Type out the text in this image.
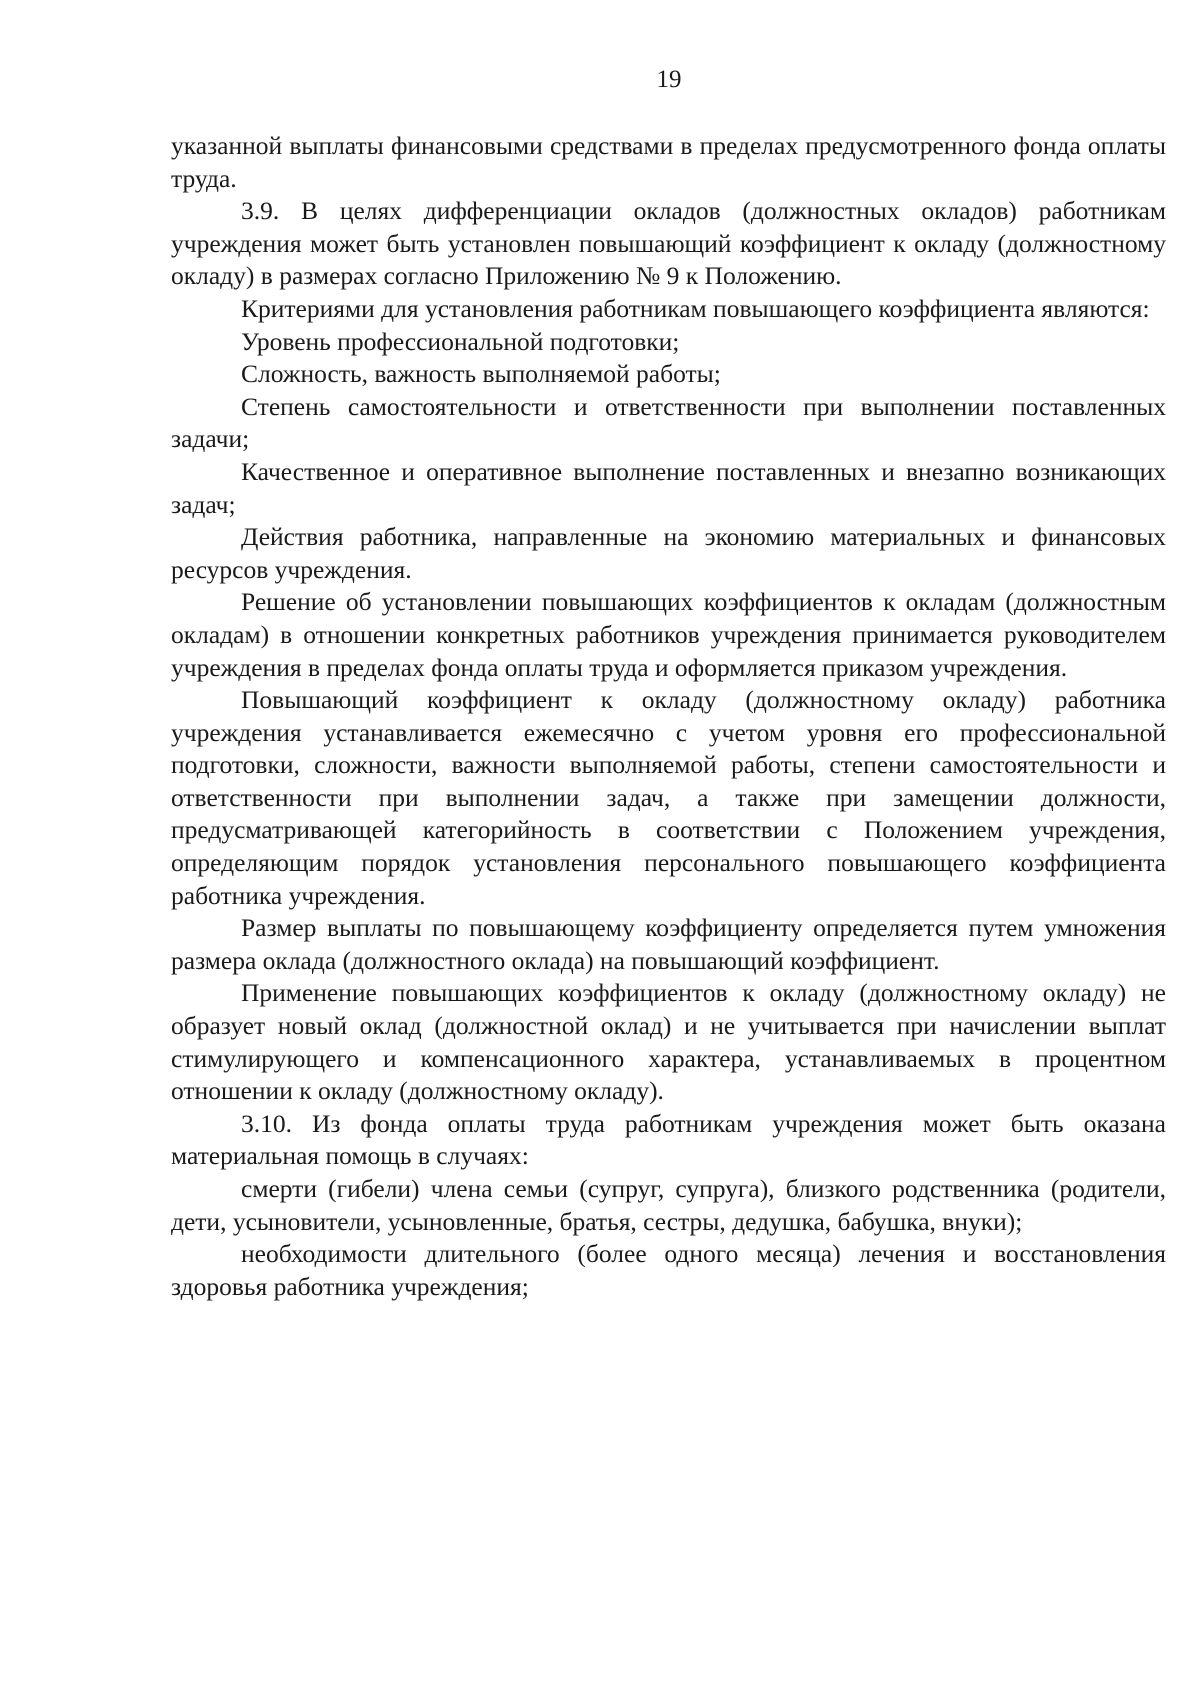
19

указанной выплаты финансовыми средствами в пределах предусмотренного фонда оплаты труда.

3.9. В целях дифференциации окладов (должностных окладов) работникам учреждения может быть установлен повышающий коэффициент к окладу (должностному окладу) в размерах согласно Приложению № 9 к Положению.

Критериями для установления работникам повышающего коэффициента являются:

Уровень профессиональной подготовки;

Сложность, важность выполняемой работы;

Степень самостоятельности и ответственности при выполнении поставленных задачи;

Качественное и оперативное выполнение поставленных и внезапно возникающих задач;

Действия работника, направленные на экономию материальных и финансовых ресурсов учреждения.

Решение об установлении повышающих коэффициентов к окладам (должностным окладам) в отношении конкретных работников учреждения принимается руководителем учреждения в пределах фонда оплаты труда и оформляется приказом учреждения.

Повышающий коэффициент к окладу (должностному окладу) работника учреждения устанавливается ежемесячно с учетом уровня его профессиональной подготовки, сложности, важности выполняемой работы, степени самостоятельности и ответственности при выполнении задач, а также при замещении должности, предусматривающей категорийность в соответствии с Положением учреждения, определяющим порядок установления персонального повышающего коэффициента работника учреждения.

Размер выплаты по повышающему коэффициенту определяется путем умножения размера оклада (должностного оклада) на повышающий коэффициент.

Применение повышающих коэффициентов к окладу (должностному окладу) не образует новый оклад (должностной оклад) и не учитывается при начислении выплат стимулирующего и компенсационного характера, устанавливаемых в процентном отношении к окладу (должностному окладу).

3.10. Из фонда оплаты труда работникам учреждения может быть оказана материальная помощь в случаях:

смерти (гибели) члена семьи (супруг, супруга), близкого родственника (родители, дети, усыновители, усыновленные, братья, сестры, дедушка, бабушка, внуки);

необходимости длительного (более одного месяца) лечения и восстановления здоровья работника учреждения;
